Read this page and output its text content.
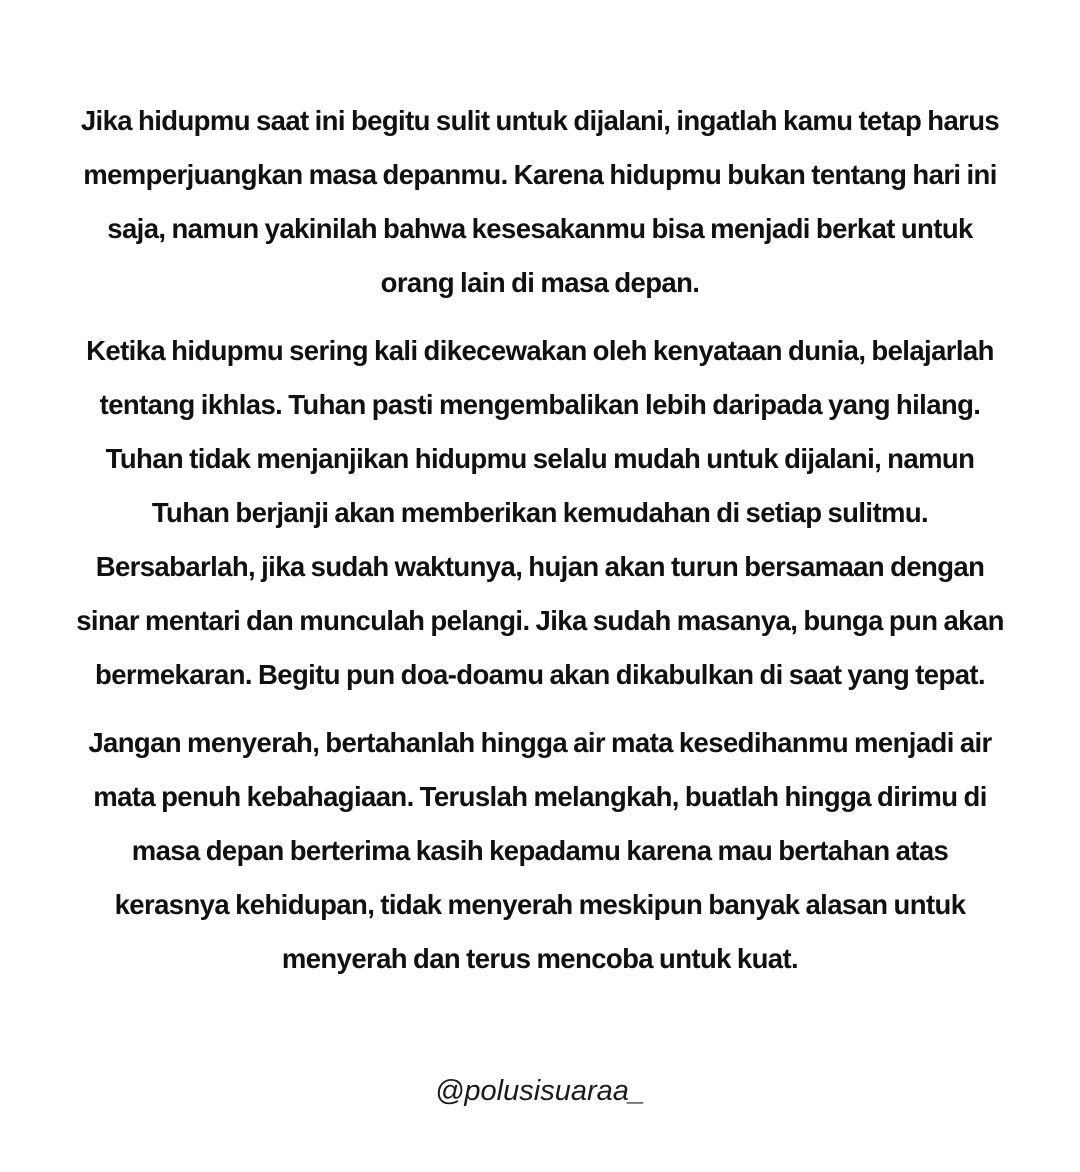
Jika hidupmu saat ini begitu sulit untuk dijalani, ingatlah kamu tetap harus
memperjuangkan masa depanmu. Karena hidupmu bukan tentang hari ini
saja, namun yakinilah bahwa kesesakanmu bisa menjadi berkat untuk
orang lain di masa depan.
Ketika hidupmu sering kali dikecewakan oleh kenyataan dunia, belajarlah
tentang ikhlas. Tuhan pasti mengembalikan lebih daripada yang hilang.
Tuhan tidak menjanjikan hidupmu selalu mudah untuk dijalani, namun
Tuhan berjanji akan memberikan kemudahan di setiap sulitmu.
Bersabarlah, jika sudah waktunya, hujan akan turun bersamaan dengan
sinar mentari dan munculah pelangi. Jika sudah masanya, bunga pun akan
bermekaran. Begitu pun doa-doamu akan dikabulkan di saat yang tepat.
Jangan menyerah, bertahanlah hingga air mata kesedihanmu menjadi air
mata penuh kebahagiaan. Teruslah melangkah, buatlah hingga dirimu di
masa depan berterima kasih kepadamu karena mau bertahan atas
kerasnya kehidupan, tidak menyerah meskipun banyak alasan untuk
menyerah dan terus mencoba untuk kuat.
@polusisuaraa_
